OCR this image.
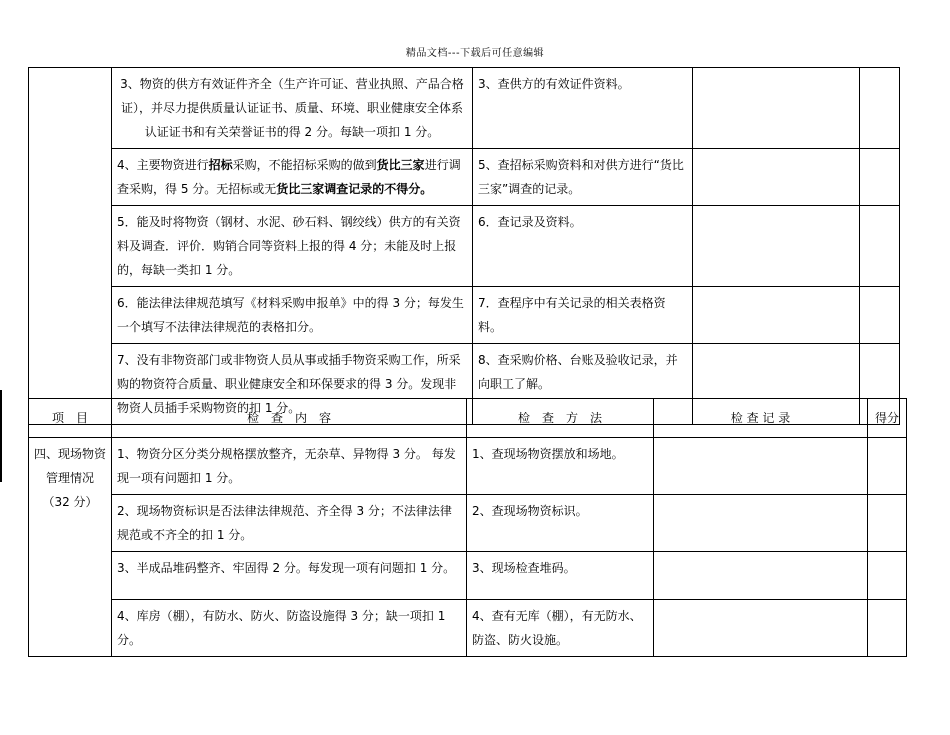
精品文档---下载后可任意编辑
	3、物资的供方有效证件齐全（生产许可证、营业执照、产品合格证），并尽力提供质量认证证书、质量、环境、职业健康安全体系认证证书和有关荣誉证书的得 2 分。每缺一项扣 1 分。	3、查供方的有效证件资料。		
	4、主要物资进行招标采购，不能招标采购的做到货比三家进行调查采购，得 5 分。无招标或无货比三家调查记录的不得分。	5、查招标采购资料和对供方进行“货比三家”调查的记录。		
	5．能及时将物资（钢材、水泥、砂石料、钢绞线）供方的有关资料及调查．评价．购销合同等资料上报的得 4 分；未能及时上报的，每缺一类扣 1 分。	6．查记录及资料。		
	6．能法律法律规范填写《材料采购申报单》中的得 3 分；每发生一个填写不法律法律规范的表格扣分。	7．查程序中有关记录的相关表格资料。		
	7、没有非物资部门或非物资人员从事或插手物资采购工作，所采购的物资符合质量、职业健康安全和环保要求的得 3 分。发现非物资人员插手采购物资的扣 1 分。	8、查采购价格、台账及验收记录，并向职工了解。		
项　目	检　查　内　容	检　查　方　法	检 查 记 录	得分
四、现场物资管理情况
（32 分）	1、物资分区分类分规格摆放整齐，无杂草、异物得 3 分。 每发现一项有问题扣 1 分。	1、查现场物资摆放和场地。		
	2、现场物资标识是否法律法律规范、齐全得 3 分；不法律法律规范或不齐全的扣 1 分。	2、查现场物资标识。		
	3、半成品堆码整齐、牢固得 2 分。每发现一项有问题扣 1 分。	3、现场检查堆码。		
	4、库房（棚），有防水、防火、防盗设施得 3 分；缺一项扣 1 分。	4、查有无库（棚），有无防水、防盗、防火设施。		
